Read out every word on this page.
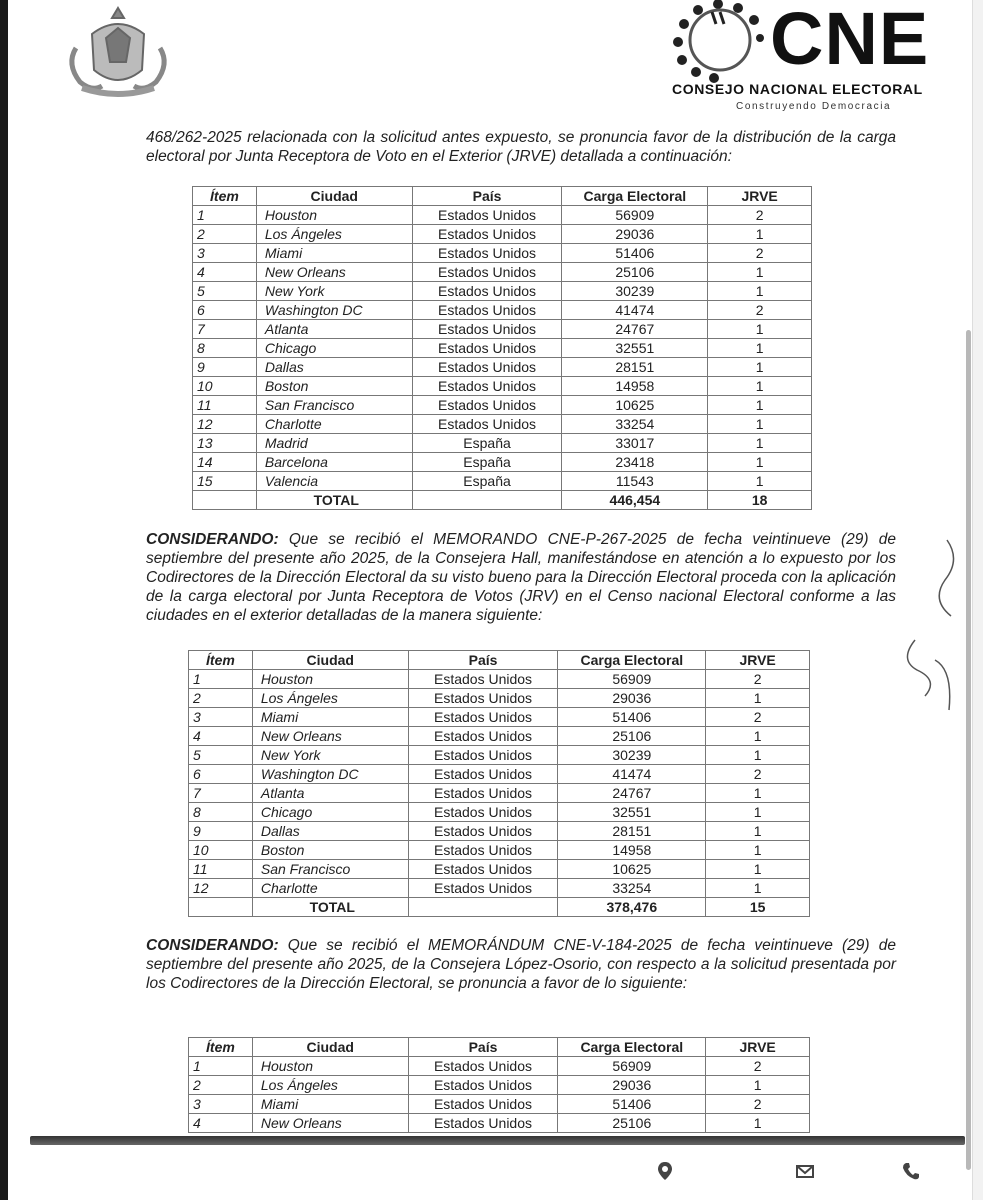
CNE
CONSEJO NACIONAL ELECTORAL
Construyendo Democracia
468/262-2025 relacionada con la solicitud antes expuesto, se pronuncia favor de la distribución de la carga electoral por Junta Receptora de Voto en el Exterior (JRVE) detallada a continuación:
Ítem	Ciudad	País	Carga Electoral	JRVE
1	Houston	Estados Unidos	56909	2
2	Los Ángeles	Estados Unidos	29036	1
3	Miami	Estados Unidos	51406	2
4	New Orleans	Estados Unidos	25106	1
5	New York	Estados Unidos	30239	1
6	Washington DC	Estados Unidos	41474	2
7	Atlanta	Estados Unidos	24767	1
8	Chicago	Estados Unidos	32551	1
9	Dallas	Estados Unidos	28151	1
10	Boston	Estados Unidos	14958	1
11	San Francisco	Estados Unidos	10625	1
12	Charlotte	Estados Unidos	33254	1
13	Madrid	España	33017	1
14	Barcelona	España	23418	1
15	Valencia	España	11543	1
	TOTAL		446,454	18
CONSIDERANDO: Que se recibió el MEMORANDO CNE-P-267-2025 de fecha veintinueve (29) de septiembre del presente año 2025, de la Consejera Hall, manifestándose en atención a lo expuesto por los Codirectores de la Dirección Electoral da su visto bueno para la Dirección Electoral proceda con la aplicación de la carga electoral por Junta Receptora de Votos (JRV) en el Censo nacional Electoral conforme a las ciudades en el exterior detalladas de la manera siguiente:
Ítem	Ciudad	País	Carga Electoral	JRVE
1	Houston	Estados Unidos	56909	2
2	Los Ángeles	Estados Unidos	29036	1
3	Miami	Estados Unidos	51406	2
4	New Orleans	Estados Unidos	25106	1
5	New York	Estados Unidos	30239	1
6	Washington DC	Estados Unidos	41474	2
7	Atlanta	Estados Unidos	24767	1
8	Chicago	Estados Unidos	32551	1
9	Dallas	Estados Unidos	28151	1
10	Boston	Estados Unidos	14958	1
11	San Francisco	Estados Unidos	10625	1
12	Charlotte	Estados Unidos	33254	1
	TOTAL		378,476	15
CONSIDERANDO: Que se recibió el MEMORÁNDUM CNE-V-184-2025 de fecha veintinueve (29) de septiembre del presente año 2025, de la Consejera López-Osorio, con respecto a la solicitud presentada por los Codirectores de la Dirección Electoral, se pronuncia a favor de lo siguiente:
Ítem	Ciudad	País	Carga Electoral	JRVE
1	Houston	Estados Unidos	56909	2
2	Los Ángeles	Estados Unidos	29036	1
3	Miami	Estados Unidos	51406	2
4	New Orleans	Estados Unidos	25106	1
